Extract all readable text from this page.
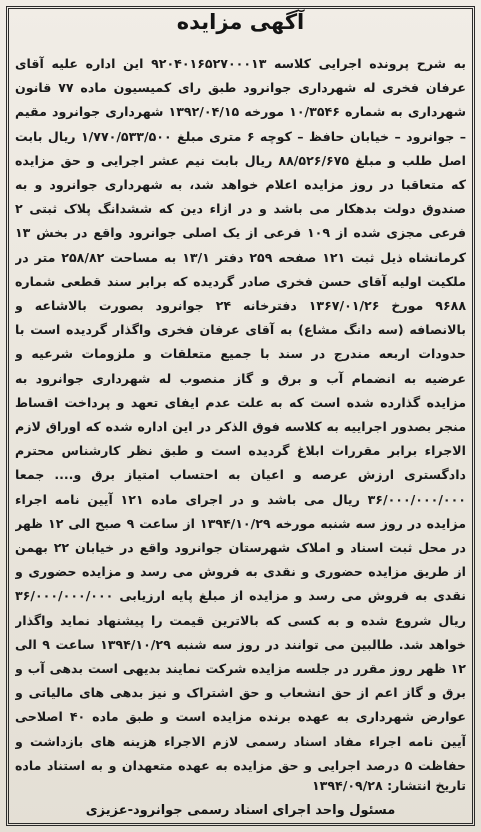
آگهی مزایده
به شرح پرونده اجرایی کلاسه ۹۲۰۴۰۱۶۵۲۷۰۰۰۱۳ این اداره علیه آقای عرفان فخری له شهرداری جوانرود طبق رای کمیسیون ماده ۷۷ قانون شهرداری به شماره ۱۰/۳۵۴۶ مورخه ۱۳۹۲/۰۴/۱۵ شهرداری جوانرود مقیم – جوانرود – خیابان حافظ – کوچه ۶ متری مبلغ ۱/۷۷۰/۵۳۳/۵۰۰ ریال بابت اصل طلب و مبلغ ۸۸/۵۲۶/۶۷۵ ریال بابت نیم عشر اجرایی و حق مزایده که متعاقبا در روز مزایده اعلام خواهد شد، به شهرداری جوانرود و به صندوق دولت بدهکار می باشد و در ازاء دین که ششدانگ پلاک ثبتی ۲ فرعی مجزی شده از ۱۰۹ فرعی از یک اصلی جوانرود واقع در بخش ۱۳ کرمانشاه ذیل ثبت ۱۲۱ صفحه ۲۵۹ دفتر ۱۳/۱ به مساحت ۲۵۸/۸۲ متر در ملکیت اولیه آقای حسن فخری صادر گردیده که برابر سند قطعی شماره ۹۶۸۸ مورخ ۱۳۶۷/۰۱/۲۶ دفترخانه ۲۴ جوانرود بصورت بالاشاعه و بالانصافه (سه دانگ مشاع) به آقای عرفان فخری واگذار گردیده است با حدودات اربعه مندرج در سند با جمیع متعلقات و ملزومات شرعیه و عرضیه به انضمام آب و برق و گاز منصوب له شهرداری جوانرود به مزایده گذارده شده است که به علت عدم ایفای تعهد و پرداخت اقساط منجر بصدور اجراییه به کلاسه فوق الذکر در این اداره شده که اوراق لازم الاجراء برابر مقررات ابلاغ گردیده است و طبق نظر کارشناس محترم دادگستری ارزش عرصه و اعیان به احتساب امتیاز برق و.... جمعا ۳۶/۰۰۰/۰۰۰/۰۰۰ ریال می باشد و در اجرای ماده ۱۲۱ آیین نامه اجراء مزایده در روز سه شنبه مورخه ۱۳۹۴/۱۰/۲۹ از ساعت ۹ صبح الی ۱۲ ظهر در محل ثبت اسناد و املاک شهرستان جوانرود واقع در خیابان ۲۲ بهمن از طریق مزایده حضوری و نقدی به فروش می رسد و مزایده حضوری و نقدی به فروش می رسد و مزایده از مبلغ پایه ارزیابی ۳۶/۰۰۰/۰۰۰/۰۰۰ ریال شروع شده و به کسی که بالاترین قیمت را پیشنهاد نماید واگذار خواهد شد. طالبین می توانند در روز سه شنبه ۱۳۹۴/۱۰/۲۹ ساعت ۹ الی ۱۲ ظهر روز مقرر در جلسه مزایده شرکت نمایند بدیهی است بدهی آب و برق و گاز اعم از حق انشعاب و حق اشتراک و نیز بدهی های مالیاتی و عوارض شهرداری به عهده برنده مزایده است و طبق ماده ۴۰ اصلاحی آیین نامه اجراء مفاد اسناد رسمی لازم الاجراء هزینه های بازداشت و حفاظت ۵ درصد اجرایی و حق مزایده به عهده متعهدان و به استناد ماده
تاریخ انتشار: ۱۳۹۴/۰۹/۲۸
مسئول واحد اجرای اسناد رسمی جوانرود-عزیزی
